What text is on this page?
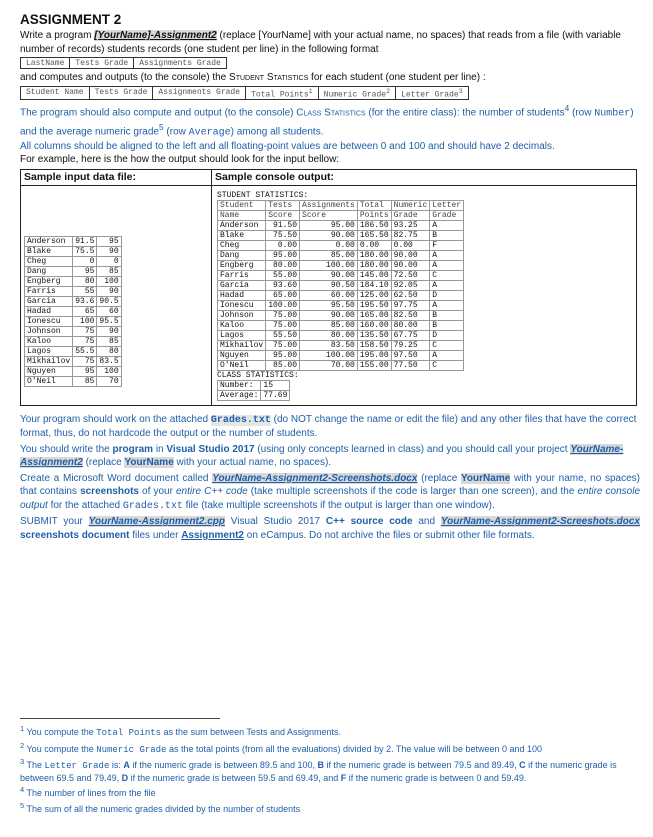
ASSIGNMENT 2

Write a program [YourName]-Assignment2 (replace [YourName] with your actual name, no spaces) that reads from a file (with variable number of records) students records (one student per line) in the following format

LastName	Tests Grade	Assignments Grade

and computes and outputs (to the console) the Student Statistics for each student (one student per line) :

Student Name	Tests Grade	Assignments Grade	Total Points$^1$	Numeric Grade$^2$	Letter Grade$^3$

The program should also compute and output (to the console) Class Statistics (for the entire class): the number of students$^4$ (row Number) and the average numeric grade$^5$ (row Average) among all students.

All columns should be aligned to the left and all floating-point values are between 0 and 100 and should have 2 decimals.

For example, here is the how the output should look for the input bellow:

Sample input data file:
Anderson	91.5	95
Blake	75.5	90
Cheg	0	0
Dang	95	85
Engberg	80	100
Farris	55	90
Garcia	93.6	90.5
Hadad	65	60
Ionescu	100	95.5
Johnson	75	90
Kaloo	75	85
Lagos	55.5	80
Mikhailov	75	83.5
Nguyen	95	100
O'Neil	85	70
Sample console output:
STUDENT STATISTICS:
Student	Tests	Assignments	Total	Numeric	Letter
Name	Score	Score	Points	Grade	Grade
Anderson	91.50	95.00	186.50	93.25	A
Blake	75.50	90.00	165.50	82.75	B
Cheg	0.00	0.00	0.00	0.00	F
Dang	95.00	85.00	180.00	90.00	A
Engberg	80.00	100.00	180.00	90.00	A
Farris	55.00	90.00	145.00	72.50	C
Garcia	93.60	90.50	184.10	92.05	A
Hadad	65.00	60.00	125.00	62.50	D
Ionescu	100.00	95.50	195.50	97.75	A
Johnson	75.00	90.00	165.00	82.50	B
Kaloo	75.00	85.00	160.00	80.00	B
Lagos	55.50	80.00	135.50	67.75	D
Mikhailov	75.00	83.50	158.50	79.25	C
Nguyen	95.00	100.00	195.00	97.50	A
O'Neil	85.00	70.00	155.00	77.50	C
CLASS STATISTICS:
Number:	15
Average:	77.69

Your program should work on the attached Grades.txt (do NOT change the name or edit the file) and any other files that have the correct format, thus, do not hardcode the output or the number of students.

You should write the program in Visual Studio 2017 (using only concepts learned in class) and you should call your project YourName-Assignment2 (replace YourName with your actual name, no spaces).

Create a Microsoft Word document called YourName-Assignment2-Screenshots.docx (replace YourName with your name, no spaces) that contains screenshots of your entire C++ code (take multiple screenshots if the code is larger than one screen), and the entire console output for the attached Grades.txt file (take multiple screenshots if the output is larger than one window).

SUBMIT your YourName-Assignment2.cpp Visual Studio 2017 C++ source code and YourName-Assignment2-Screeshots.docx screenshots document files under Assignment2 on eCampus. Do not archive the files or submit other file formats.

$^1$ You compute the Total Points as the sum between Tests and Assignments.
$^2$ You compute the Numeric Grade as the total points (from all the evaluations) divided by 2. The value will be between 0 and 100
$^3$ The Letter Grade is: A if the numeric grade is between 89.5 and 100, B if the numeric grade is between 79.5 and 89.49, C if the numeric grade is between 69.5 and 79.49, D if the numeric grade is between 59.5 and 69.49, and F if the numeric grade is between 0 and 59.49.
$^4$ The number of lines from the file
$^5$ The sum of all the numeric grades divided by the number of students
